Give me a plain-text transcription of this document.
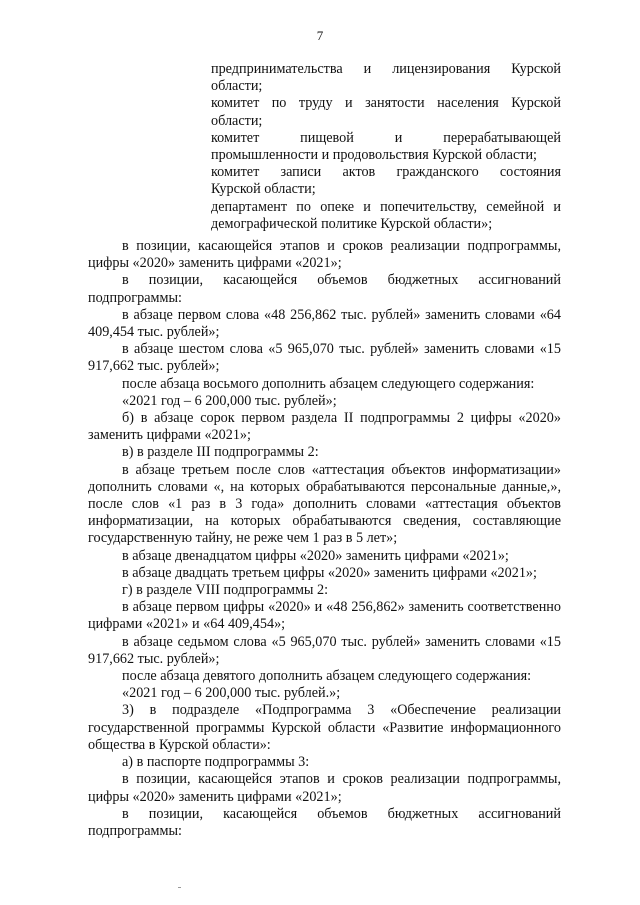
7
предпринимательства и лицензирования Курской
области;
комитет по труду и занятости населения Курской
области;
комитет пищевой и перерабатывающей
промышленности и продовольствия Курской области;
комитет записи актов гражданского состояния
Курской области;
департамент по опеке и попечительству, семейной и
демографической политике Курской области»;
в позиции, касающейся этапов и сроков реализации подпрограммы, цифры «2020» заменить цифрами «2021»;
в позиции, касающейся объемов бюджетных ассигнований подпрограммы:
в абзаце первом слова «48 256,862 тыс. рублей» заменить словами «64 409,454 тыс. рублей»;
в абзаце шестом слова «5 965,070 тыс. рублей» заменить словами «15 917,662 тыс. рублей»;
после абзаца восьмого дополнить абзацем следующего содержания:
«2021 год – 6 200,000 тыс. рублей»;
б) в абзаце сорок первом раздела II подпрограммы 2 цифры «2020» заменить цифрами «2021»;
в) в разделе III подпрограммы 2:
в абзаце третьем после слов «аттестация объектов информатизации» дополнить словами «, на которых обрабатываются персональные данные,», после слов «1 раз в 3 года» дополнить словами «аттестация объектов информатизации, на которых обрабатываются сведения, составляющие государственную тайну, не реже чем 1 раз в 5 лет»;
в абзаце двенадцатом цифры «2020» заменить цифрами «2021»;
в абзаце двадцать третьем цифры «2020» заменить цифрами «2021»;
г) в разделе VIII подпрограммы 2:
в абзаце первом цифры «2020» и «48 256,862» заменить соответственно цифрами «2021» и «64 409,454»;
в абзаце седьмом слова «5 965,070 тыс. рублей» заменить словами «15 917,662 тыс. рублей»;
после абзаца девятого дополнить абзацем следующего содержания:
«2021 год – 6 200,000 тыс. рублей.»;
3) в подразделе «Подпрограмма 3 «Обеспечение реализации государственной программы Курской области «Развитие информационного общества в Курской области»:
а) в паспорте подпрограммы 3:
в позиции, касающейся этапов и сроков реализации подпрограммы, цифры «2020» заменить цифрами «2021»;
в позиции, касающейся объемов бюджетных ассигнований подпрограммы:
